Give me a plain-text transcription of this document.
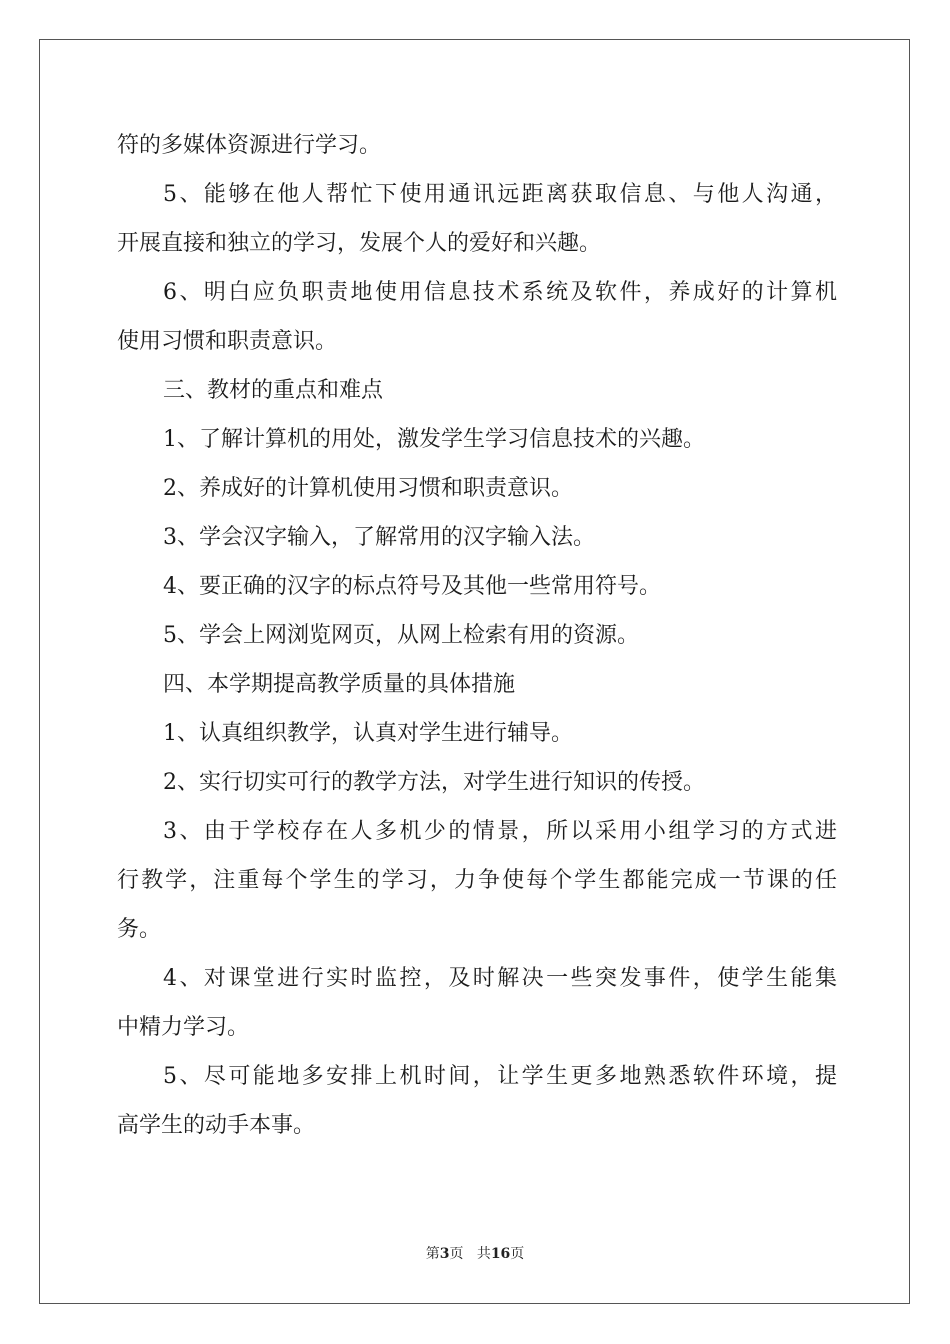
符的多媒体资源进行学习。
5、能够在他人帮忙下使用通讯远距离获取信息、与他人沟通，
开展直接和独立的学习，发展个人的爱好和兴趣。
6、明白应负职责地使用信息技术系统及软件，养成好的计算机
使用习惯和职责意识。
三、教材的重点和难点
1、了解计算机的用处，激发学生学习信息技术的兴趣。
2、养成好的计算机使用习惯和职责意识。
3、学会汉字输入，了解常用的汉字输入法。
4、要正确的汉字的标点符号及其他一些常用符号。
5、学会上网浏览网页，从网上检索有用的资源。
四、本学期提高教学质量的具体措施
1、认真组织教学，认真对学生进行辅导。
2、实行切实可行的教学方法，对学生进行知识的传授。
3、由于学校存在人多机少的情景，所以采用小组学习的方式进
行教学，注重每个学生的学习，力争使每个学生都能完成一节课的任
务。
4、对课堂进行实时监控，及时解决一些突发事件，使学生能集
中精力学习。
5、尽可能地多安排上机时间，让学生更多地熟悉软件环境，提
高学生的动手本事。
第3页 共16页
